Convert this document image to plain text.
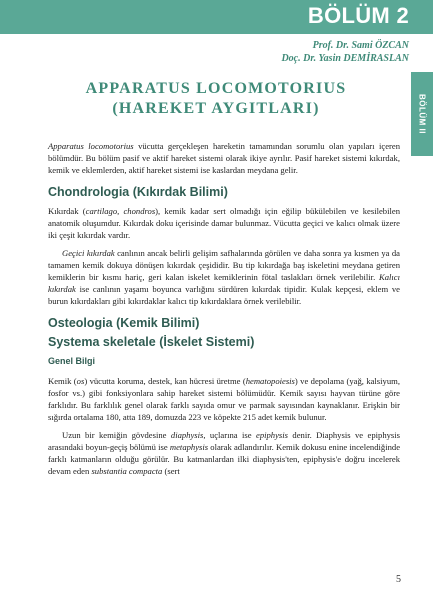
BÖLÜM 2
Prof. Dr. Sami ÖZCAN
Doç. Dr. Yasin DEMİRASLAN
APPARATUS LOCOMOTORIUS
(HAREKET AYGITLARI)	BÖLÜM II

Apparatus locomotorius vücutta gerçekleşen hareketin tamamından sorumlu olan yapıları içeren bölümdür. Bu bölüm pasif ve aktif hareket sistemi olarak ikiye ayrılır. Pasif hareket sistemi kıkırdak, kemik ve eklemlerden, aktif hareket sistemi ise kaslardan meydana gelir.

Chondrologia (Kıkırdak Bilimi)

Kıkırdak (cartilago, chondros), kemik kadar sert olmadığı için eğilip bükülebilen ve kesilebilen anatomik oluşumdur. Kıkırdak doku içerisinde damar bulunmaz. Vücutta geçici ve kalıcı olmak üzere iki çeşit kıkırdak vardır.

Geçici kıkırdak canlının ancak belirli gelişim safhalarında görülen ve daha sonra ya kısmen ya da tamamen kemik dokuya dönüşen kıkırdak çeşididir. Bu tip kıkırdağa baş iskeletini meydana getiren kemiklerin bir kısmı hariç, geri kalan iskelet kemiklerinin fötal taslakları örnek verilebilir. Kalıcı kıkırdak ise canlının yaşamı boyunca varlığını sürdüren kıkırdak tipidir. Kulak kepçesi, eklem ve burun kıkırdakları gibi kıkırdaklar kalıcı tip kıkırdaklara örnek verilebilir.

Osteologia (Kemik Bilimi)
Systema skeletale (İskelet Sistemi)
Genel Bilgi

Kemik (os) vücutta koruma, destek, kan hücresi üretme (hematopoiesis) ve depolama (yağ, kalsiyum, fosfor vs.) gibi fonksiyonlara sahip hareket sistemi bölümüdür. Kemik sayısı hayvan türüne göre farklıdır. Bu farklılık genel olarak farklı sayıda omur ve parmak sayısından kaynaklanır. Erişkin bir sığırda ortalama 180, atta 189, domuzda 223 ve köpekte 215 adet kemik bulunur.

Uzun bir kemiğin gövdesine diaphysis, uçlarına ise epiphysis denir. Diaphysis ve epiphysis arasındaki boyun-geçiş bölümü ise metaphysis olarak adlandırılır. Kemik dokusu enine incelendiğinde farklı katmanların olduğu görülür. Bu katmanlardan ilki diaphysis'ten, epiphysis'e doğru incelerek devam eden substantia compacta (sert

5
